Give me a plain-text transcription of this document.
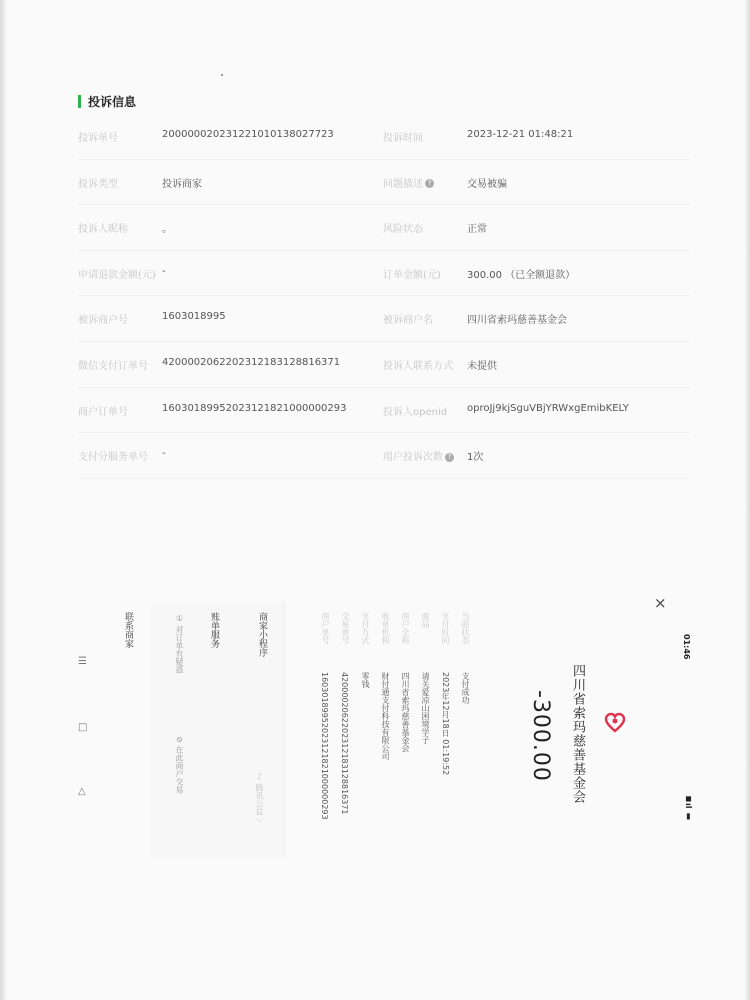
投诉信息
投诉单号	200000020231221010138027723	投诉时间	2023-12-21 01:48:21
投诉类型	投诉商家	问题描述 ?	交易被骗
投诉人昵称	。	风险状态	正常
申请退款金额(元) -	订单金额(元)	300.00 （已全额退款）
被诉商户号	1603018995	被诉商户名	四川省索玛慈善基金会
微信支付订单号 4200002062202312183128816371	投诉人联系方式 未提供
商户订单号	16030189952023121821000000293	投诉人openid oproJj9kjSguVBjYRWxgEmibKELY
支付分服务单号 -	用户投诉次数 ? 1次
01:46
×
◼ıl ▮
四川省索玛慈善基金会
-300.00
当前状态
支付成功
支付时间
2023年12月18日 01:19:52
商品
请关爱凉山困境学子
商户全称
四川省索玛慈善基金会
收单机构
财付通支付科技有限公司
支付方式
零钱
交易单号
4200002062202312183128816371
商户单号
16030189952023121821000000293
商家小程序
♪ 腾讯公益 〉
账单服务
① 对订单有疑惑
⊘ 在此商户交易
联系商家
☰
□
△
